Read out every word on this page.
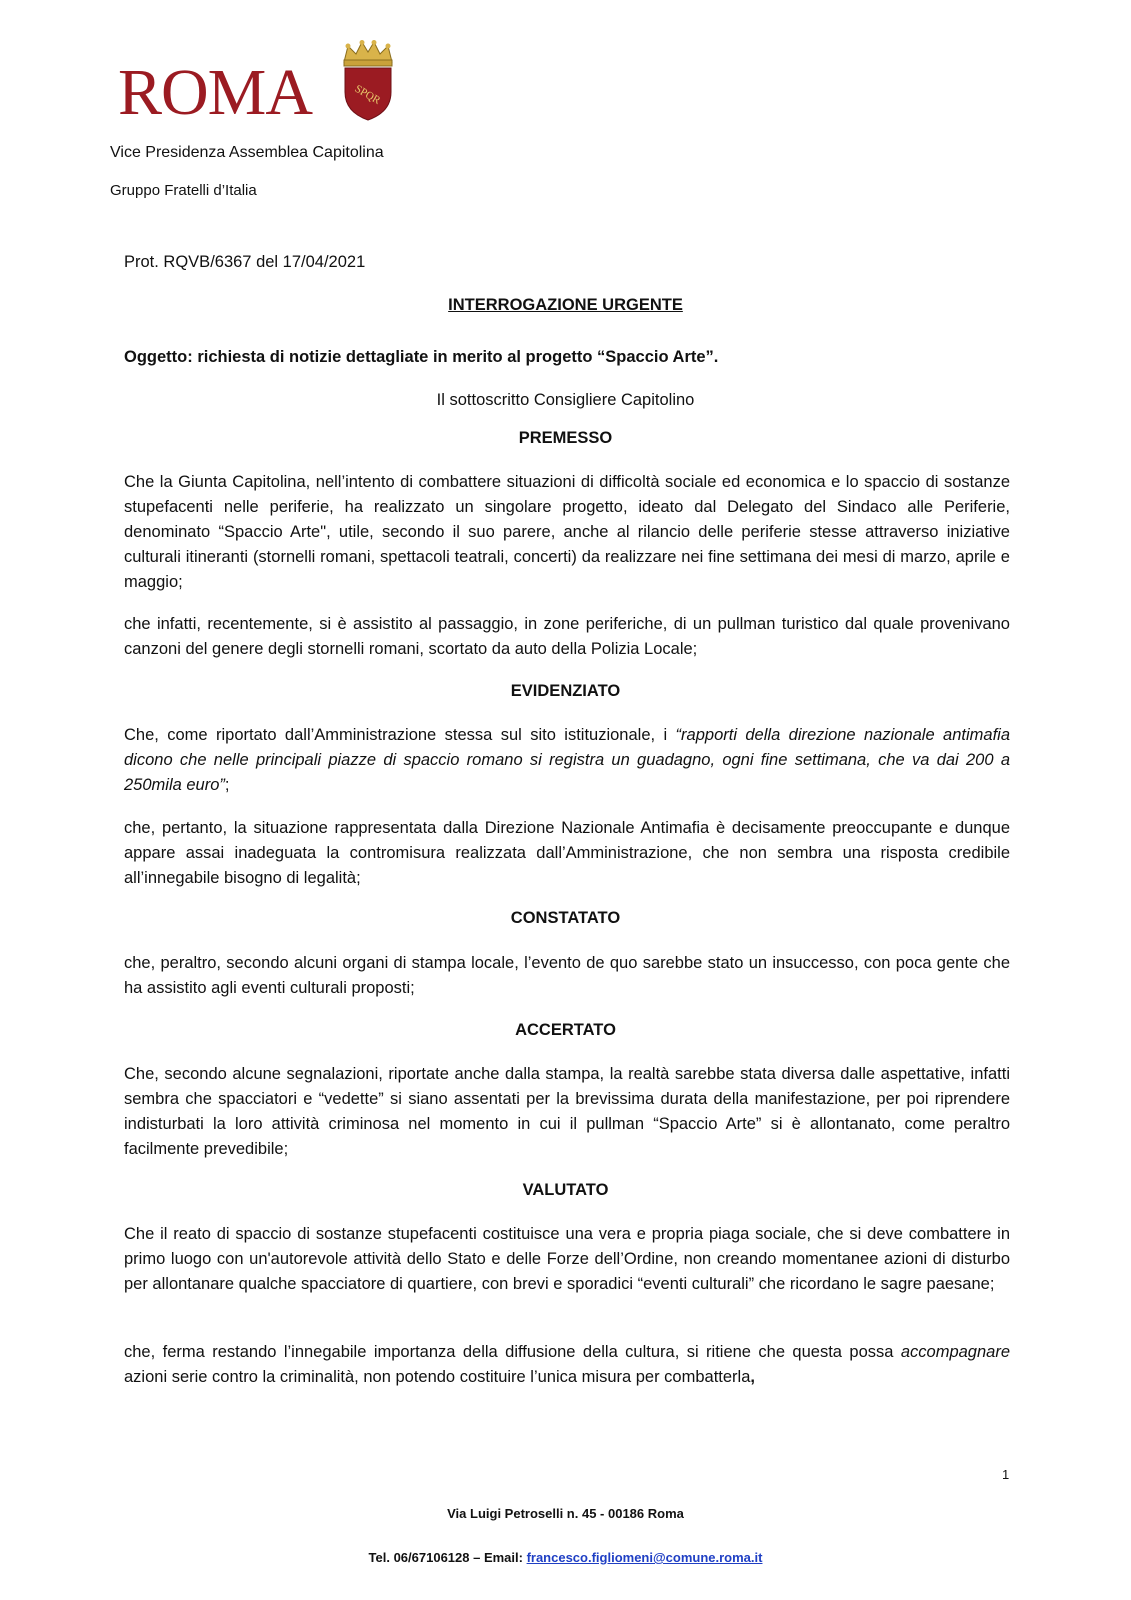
ROMA	SPQR
Vice Presidenza Assemblea Capitolina
Gruppo Fratelli d’Italia
Prot. RQVB/6367 del 17/04/2021
INTERROGAZIONE URGENTE
Oggetto: richiesta di notizie dettagliate in merito al progetto “Spaccio Arte”.
Il sottoscritto Consigliere Capitolino
PREMESSO
Che la Giunta Capitolina, nell’intento di combattere situazioni di difficoltà sociale ed economica e lo spaccio di sostanze stupefacenti nelle periferie, ha realizzato un singolare progetto, ideato dal Delegato del Sindaco alle Periferie, denominato “Spaccio Arte", utile, secondo il suo parere, anche al rilancio delle periferie stesse attraverso iniziative culturali itineranti (stornelli romani, spettacoli teatrali, concerti) da realizzare nei fine settimana dei mesi di marzo, aprile e maggio;
che infatti, recentemente, si è assistito al passaggio, in zone periferiche, di un pullman turistico dal quale provenivano canzoni del genere degli stornelli romani, scortato da auto della Polizia Locale;
EVIDENZIATO
Che, come riportato dall’Amministrazione stessa sul sito istituzionale, i “rapporti della direzione nazionale antimafia dicono che nelle principali piazze di spaccio romano si registra un guadagno, ogni fine settimana, che va dai 200 a 250mila euro”;
che, pertanto, la situazione rappresentata dalla Direzione Nazionale Antimafia è decisamente preoccupante e dunque appare assai inadeguata la contromisura realizzata dall’Amministrazione, che non sembra una risposta credibile all’innegabile bisogno di legalità;
CONSTATATO
che, peraltro, secondo alcuni organi di stampa locale, l’evento de quo sarebbe stato un insuccesso, con poca gente che ha assistito agli eventi culturali proposti;
ACCERTATO
Che, secondo alcune segnalazioni, riportate anche dalla stampa, la realtà sarebbe stata diversa dalle aspettative, infatti sembra che spacciatori e “vedette” si siano assentati per la brevissima durata della manifestazione, per poi riprendere indisturbati la loro attività criminosa nel momento in cui il pullman “Spaccio Arte” si è allontanato, come peraltro facilmente prevedibile;
VALUTATO
Che il reato di spaccio di sostanze stupefacenti costituisce una vera e propria piaga sociale, che si deve combattere in primo luogo con un'autorevole attività dello Stato e delle Forze dell’Ordine, non creando momentanee azioni di disturbo per allontanare qualche spacciatore di quartiere, con brevi e sporadici “eventi culturali” che ricordano le sagre paesane;
che, ferma restando l’innegabile importanza della diffusione della cultura, si ritiene che questa possa accompagnare azioni serie contro la criminalità, non potendo costituire l’unica misura per combatterla,
1
Via Luigi Petroselli n. 45 - 00186 Roma
Tel. 06/67106128 – Email: francesco.figliomeni@comune.roma.it
